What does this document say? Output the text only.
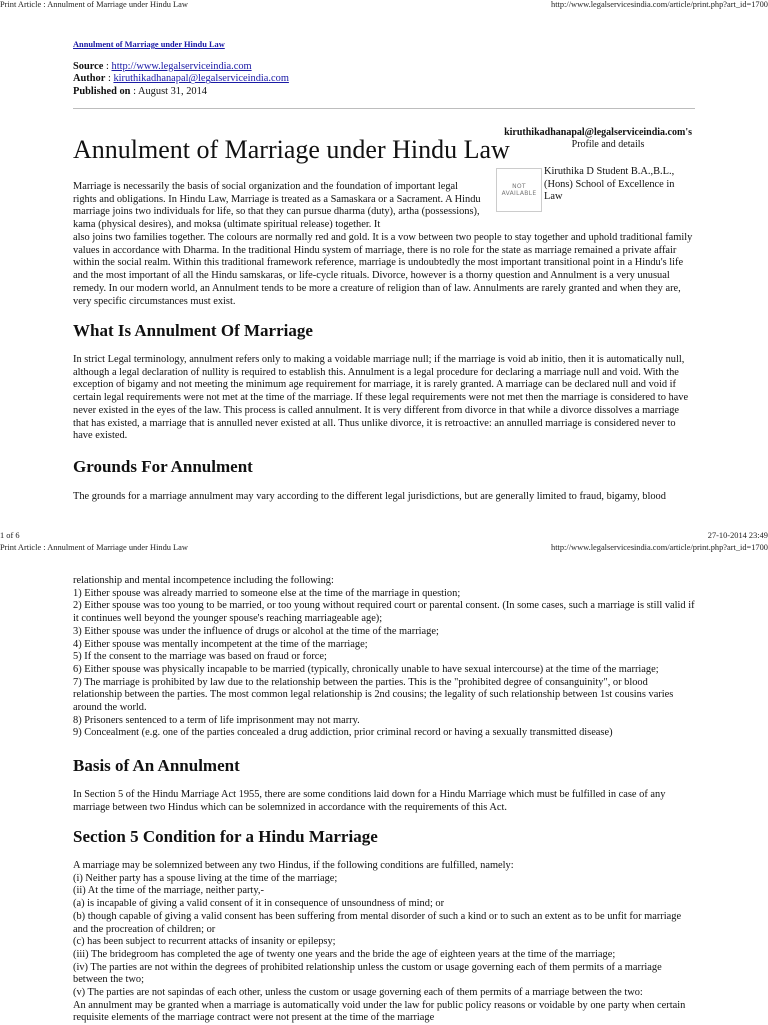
Print Article : Annulment of Marriage under Hindu Law	http://www.legalservicesindia.com/article/print.php?art_id=1700
Annulment of Marriage under Hindu Law
Source : http://www.legalserviceindia.com
Author : kiruthikadhanapal@legalserviceindia.com
Published on : August 31, 2014
Annulment of Marriage under Hindu Law
kiruthikadhanapal@legalserviceindia.com's
Profile and details
NOT
AVAILABLE
Kiruthika D Student B.A.,B.L., (Hons) School of Excellence in Law

Marriage is necessarily the basis of social organization and the foundation of important legal rights and obligations. In Hindu Law, Marriage is treated as a Samaskara or a Sacrament. A Hindu marriage joins two individuals for life, so that they can pursue dharma (duty), artha (possessions), kama (physical desires), and moksa (ultimate spiritual release) together. It

also joins two families together. The colours are normally red and gold. It is a vow between two people to stay together and uphold traditional family values in accordance with Dharma. In the traditional Hindu system of marriage, there is no role for the state as marriage remained a private affair within the social realm. Within this traditional framework reference, marriage is undoubtedly the most important transitional point in a Hindu's life and the most important of all the Hindu samskaras, or life-cycle rituals. Divorce, however is a thorny question and Annulment is a very unusual remedy. In our modern world, an Annulment tends to be more a creature of religion than of law. Annulments are rarely granted and when they are, very specific circumstances must exist.

What Is Annulment Of Marriage

In strict Legal terminology, annulment refers only to making a voidable marriage null; if the marriage is void ab initio, then it is automatically null, although a legal declaration of nullity is required to establish this. Annulment is a legal procedure for declaring a marriage null and void. With the exception of bigamy and not meeting the minimum age requirement for marriage, it is rarely granted. A marriage can be declared null and void if certain legal requirements were not met at the time of the marriage. If these legal requirements were not met then the marriage is considered to have never existed in the eyes of the law. This process is called annulment. It is very different from divorce in that while a divorce dissolves a marriage that has existed, a marriage that is annulled never existed at all. Thus unlike divorce, it is retroactive: an annulled marriage is considered never to have existed.

Grounds For Annulment

The grounds for a marriage annulment may vary according to the different legal jurisdictions, but are generally limited to fraud, bigamy, blood

1 of 6	27-10-2014 23:49
Print Article : Annulment of Marriage under Hindu Law	http://www.legalservicesindia.com/article/print.php?art_id=1700
relationship and mental incompetence including the following:
1) Either spouse was already married to someone else at the time of the marriage in question;
2) Either spouse was too young to be married, or too young without required court or parental consent. (In some cases, such a marriage is still valid if it continues well beyond the younger spouse's reaching marriageable age);
3) Either spouse was under the influence of drugs or alcohol at the time of the marriage;
4) Either spouse was mentally incompetent at the time of the marriage;
5) If the consent to the marriage was based on fraud or force;
6) Either spouse was physically incapable to be married (typically, chronically unable to have sexual intercourse) at the time of the marriage;
7) The marriage is prohibited by law due to the relationship between the parties. This is the "prohibited degree of consanguinity", or blood relationship between the parties. The most common legal relationship is 2nd cousins; the legality of such relationship between 1st cousins varies around the world.
8) Prisoners sentenced to a term of life imprisonment may not marry.
9) Concealment (e.g. one of the parties concealed a drug addiction, prior criminal record or having a sexually transmitted disease)
Basis of An Annulment

In Section 5 of the Hindu Marriage Act 1955, there are some conditions laid down for a Hindu Marriage which must be fulfilled in case of any marriage between two Hindus which can be solemnized in accordance with the requirements of this Act.

Section 5 Condition for a Hindu Marriage
A marriage may be solemnized between any two Hindus, if the following conditions are fulfilled, namely:
(i) Neither party has a spouse living at the time of the marriage;
(ii) At the time of the marriage, neither party,-
(a) is incapable of giving a valid consent of it in consequence of unsoundness of mind; or
(b) though capable of giving a valid consent has been suffering from mental disorder of such a kind or to such an extent as to be unfit for marriage and the procreation of children; or
(c) has been subject to recurrent attacks of insanity or epilepsy;
(iii) The bridegroom has completed the age of twenty one years and the bride the age of eighteen years at the time of the marriage;
(iv) The parties are not within the degrees of prohibited relationship unless the custom or usage governing each of them permits of a marriage between the two;
(v) The parties are not sapindas of each other, unless the custom or usage governing each of them permits of a marriage between the two:
An annulment may be granted when a marriage is automatically void under the law for public policy reasons or voidable by one party when certain requisite elements of the marriage contract were not present at the time of the marriage
